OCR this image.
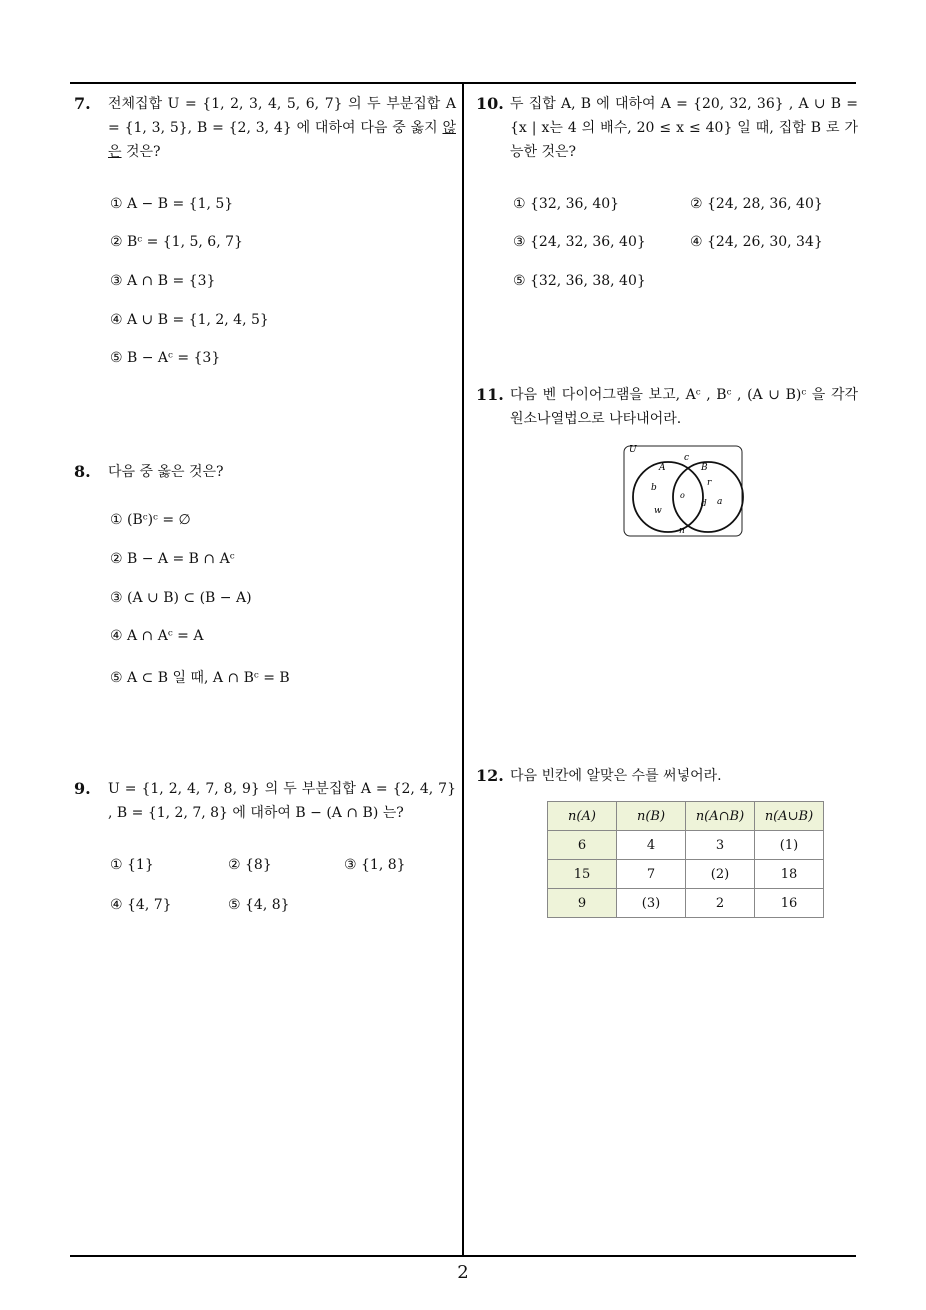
7. 전체집합 U = {1, 2, 3, 4, 5, 6, 7} 의 두 부분집합 A = {1, 3, 5}, B = {2, 3, 4} 에 대하여 다음 중 옳지 않은 것은?
① A − B = {1, 5}
② Bᶜ = {1, 5, 6, 7}
③ A ∩ B = {3}
④ A ∪ B = {1, 2, 4, 5}
⑤ B − Aᶜ = {3}
8. 다음 중 옳은 것은?
① (Bᶜ)ᶜ = ∅
② B − A = B ∩ Aᶜ
③ (A ∪ B) ⊂ (B − A)
④ A ∩ Aᶜ = A
⑤ A ⊂ B 일 때, A ∩ Bᶜ = B
9. U = {1, 2, 4, 7, 8, 9} 의 두 부분집합 A = {2, 4, 7} , B = {1, 2, 7, 8} 에 대하여 B − (A ∩ B) 는?
① {1}	② {8}	③ {1, 8}
④ {4, 7}	⑤ {4, 8}
10. 두 집합 A, B 에 대하여 A = {20, 32, 36} , A ∪ B = {x | x는 4 의 배수, 20 ≤ x ≤ 40} 일 때, 집합 B 로 가능한 것은?
① {32, 36, 40}	② {24, 28, 36, 40}
③ {24, 32, 36, 40}	④ {24, 26, 30, 34}
⑤ {32, 36, 38, 40}
11. 다음 벤 다이어그램을 보고, Aᶜ , Bᶜ , (A ∪ B)ᶜ 을 각각 원소나열법으로 나타내어라.
U
A	B
c
r
b
o
d a
w
n
12. 다음 빈칸에 알맞은 수를 써넣어라.
n(A)	n(B)	n(A∩B)	n(A∪B)
6	4	3	(1)
15	7	(2)	18
9	(3)	2	16
2
